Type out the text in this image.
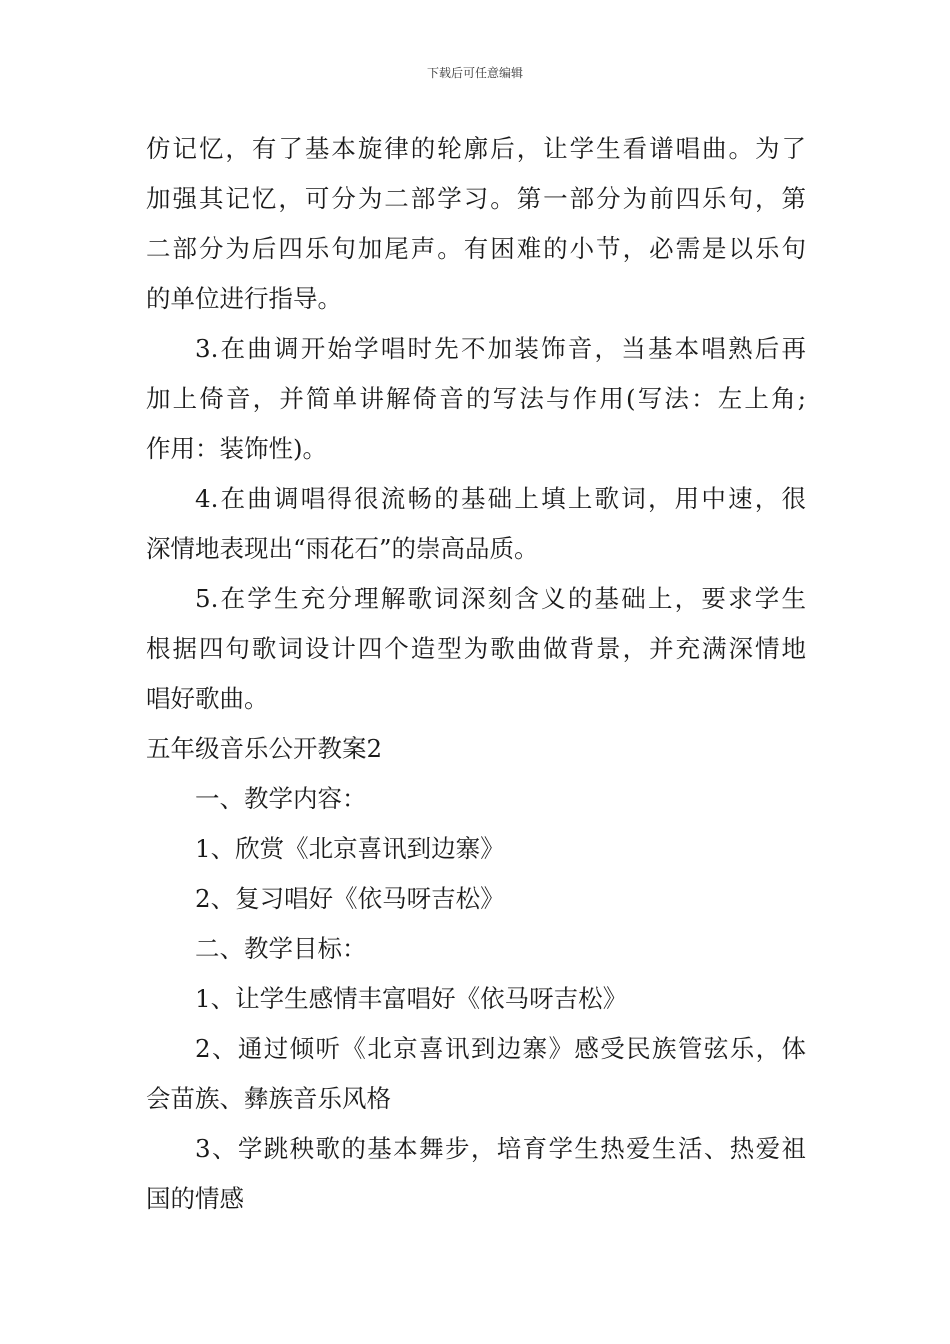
下载后可任意编辑
仿记忆，有了基本旋律的轮廓后，让学生看谱唱曲。为了
加强其记忆，可分为二部学习。第一部分为前四乐句，第
二部分为后四乐句加尾声。有困难的小节，必需是以乐句
的单位进行指导。
3.在曲调开始学唱时先不加装饰音，当基本唱熟后再
加上倚音，并简单讲解倚音的写法与作用(写法：左上角;
作用：装饰性)。
4.在曲调唱得很流畅的基础上填上歌词，用中速，很
深情地表现出“雨花石”的崇高品质。
5.在学生充分理解歌词深刻含义的基础上，要求学生
根据四句歌词设计四个造型为歌曲做背景，并充满深情地
唱好歌曲。
五年级音乐公开教案2
一、教学内容：
1、欣赏《北京喜讯到边寨》
2、复习唱好《依马呀吉松》
二、教学目标：
1、让学生感情丰富唱好《依马呀吉松》
2、通过倾听《北京喜讯到边寨》感受民族管弦乐，体
会苗族、彝族音乐风格
3、学跳秧歌的基本舞步，培育学生热爱生活、热爱祖
国的情感
